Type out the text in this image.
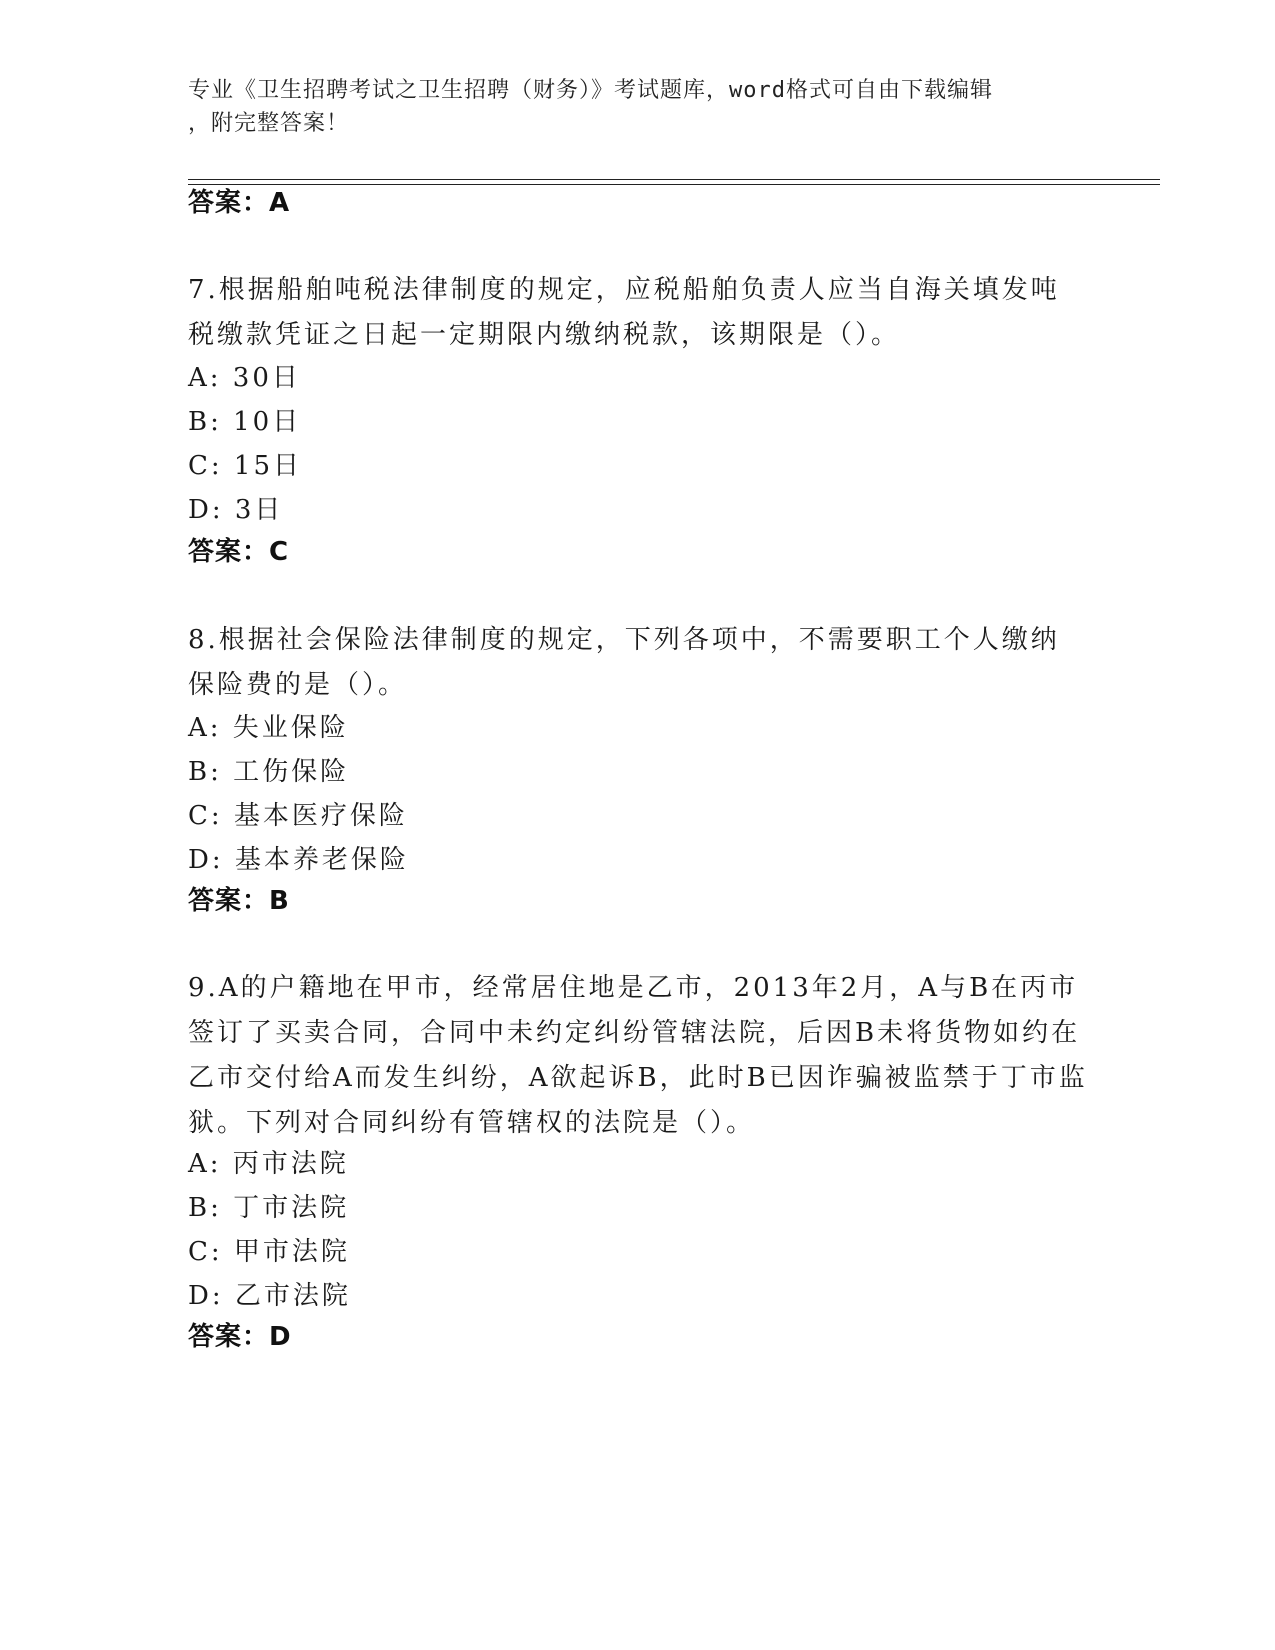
专业《卫生招聘考试之卫生招聘（财务）》考试题库，word格式可自由下载编辑
，附完整答案！
答案：A

7.根据船舶吨税法律制度的规定，应税船舶负责人应当自海关填发吨税缴款凭证之日起一定期限内缴纳税款，该期限是（）。

A: 30日
B: 10日
C: 15日
D: 3日
答案：C

8.根据社会保险法律制度的规定，下列各项中，不需要职工个人缴纳保险费的是（）。

A: 失业保险
B: 工伤保险
C: 基本医疗保险
D: 基本养老保险
答案：B

9.A的户籍地在甲市，经常居住地是乙市，2013年2月，A与B在丙市签订了买卖合同，合同中未约定纠纷管辖法院，后因B未将货物如约在乙市交付给A而发生纠纷，A欲起诉B，此时B已因诈骗被监禁于丁市监狱。下列对合同纠纷有管辖权的法院是（）。

A: 丙市法院
B: 丁市法院
C: 甲市法院
D: 乙市法院
答案：D
